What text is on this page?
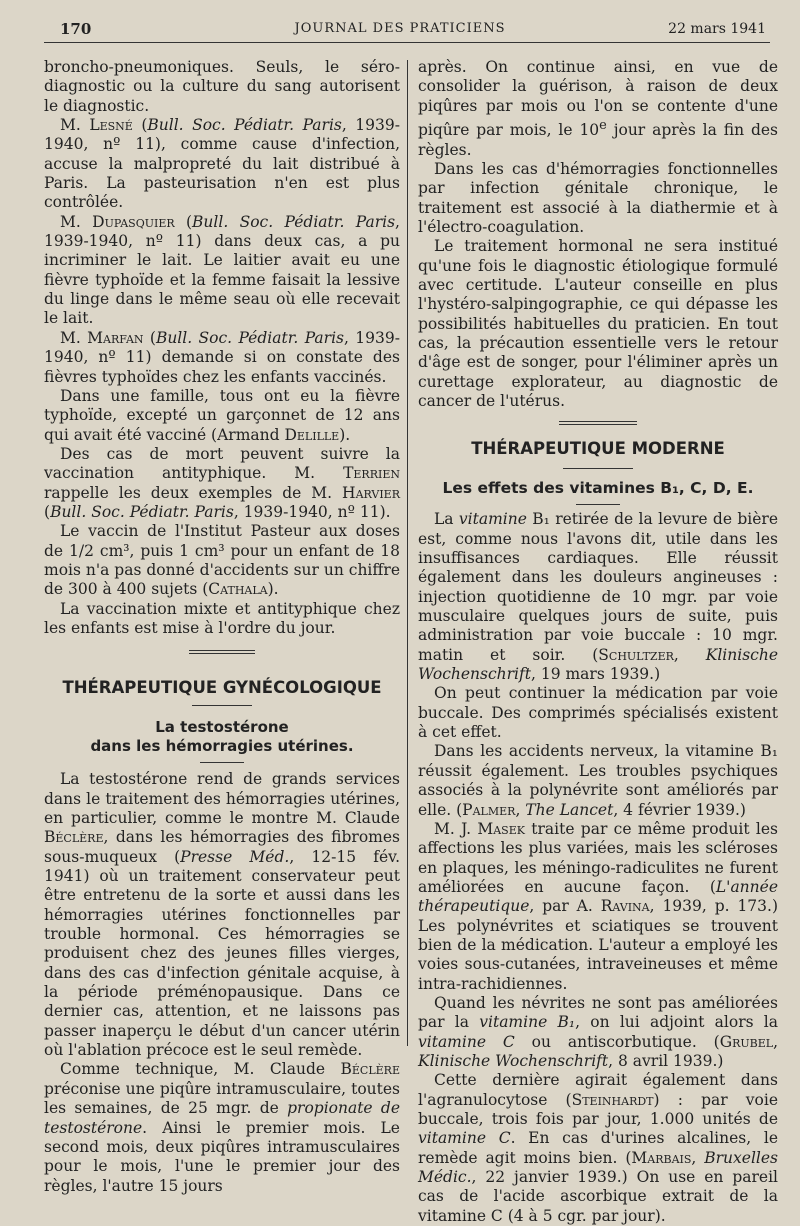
170	JOURNAL DES PRATICIENS	22 mars 1941

broncho-pneumoniques. Seuls, le séro-diagnostic ou la culture du sang autorisent le diagnostic.

M. Lesné (Bull. Soc. Pédiatr. Paris, 1939-1940, nº 11), comme cause d'infection, accuse la malpropreté du lait distribué à Paris. La pasteurisation n'en est plus contrôlée.

M. Dupasquier (Bull. Soc. Pédiatr. Paris, 1939-1940, nº 11) dans deux cas, a pu incriminer le lait. Le laitier avait eu une fièvre typhoïde et la femme faisait la lessive du linge dans le même seau où elle recevait le lait.

M. Marfan (Bull. Soc. Pédiatr. Paris, 1939-1940, nº 11) demande si on constate des fièvres typhoïdes chez les enfants vaccinés.

Dans une famille, tous ont eu la fièvre typhoïde, excepté un garçonnet de 12 ans qui avait été vacciné (Armand Delille).

Des cas de mort peuvent suivre la vaccination antityphique. M. Terrien rappelle les deux exemples de M. Harvier (Bull. Soc. Pédiatr. Paris, 1939-1940, nº 11).

Le vaccin de l'Institut Pasteur aux doses de 1/2 cm³, puis 1 cm³ pour un enfant de 18 mois n'a pas donné d'accidents sur un chiffre de 300 à 400 sujets (Cathala).

La vaccination mixte et antityphique chez les enfants est mise à l'ordre du jour.

THÉRAPEUTIQUE GYNÉCOLOGIQUE
La testostérone
dans les hémorragies utérines.

La testostérone rend de grands services dans le traitement des hémorragies utérines, en particulier, comme le montre M. Claude Béclère, dans les hémorragies des fibromes sous-muqueux (Presse Méd., 12-15 fév. 1941) où un traitement conservateur peut être entretenu de la sorte et aussi dans les hémorragies utérines fonctionnelles par trouble hormonal. Ces hémorragies se produisent chez des jeunes filles vierges, dans des cas d'infection génitale acquise, à la période préménopausique. Dans ce dernier cas, attention, et ne laissons pas passer inaperçu le début d'un cancer utérin où l'ablation précoce est le seul remède.

Comme technique, M. Claude Béclère préconise une piqûre intramusculaire, toutes les semaines, de 25 mgr. de propionate de testostérone. Ainsi le premier mois. Le second mois, deux piqûres intramusculaires pour le mois, l'une le premier jour des règles, l'autre 15 jours

après. On continue ainsi, en vue de consolider la guérison, à raison de deux piqûres par mois ou l'on se contente d'une piqûre par mois, le 10e jour après la fin des règles.

Dans les cas d'hémorragies fonctionnelles par infection génitale chronique, le traitement est associé à la diathermie et à l'électro-coagulation.

Le traitement hormonal ne sera institué qu'une fois le diagnostic étiologique formulé avec certitude. L'auteur conseille en plus l'hystéro-salpingographie, ce qui dépasse les possibilités habituelles du praticien. En tout cas, la précaution essentielle vers le retour d'âge est de songer, pour l'éliminer après un curettage explorateur, au diagnostic de cancer de l'utérus.

THÉRAPEUTIQUE MODERNE
Les effets des vitamines B₁, C, D, E.

La vitamine B₁ retirée de la levure de bière est, comme nous l'avons dit, utile dans les insuffisances cardiaques. Elle réussit également dans les douleurs angineuses : injection quotidienne de 10 mgr. par voie musculaire quelques jours de suite, puis administration par voie buccale : 10 mgr. matin et soir. (Schultzer, Klinische Wochenschrift, 19 mars 1939.)

On peut continuer la médication par voie buccale. Des comprimés spécialisés existent à cet effet.

Dans les accidents nerveux, la vitamine B₁ réussit également. Les troubles psychiques associés à la polynévrite sont améliorés par elle. (Palmer, The Lancet, 4 février 1939.)

M. J. Masek traite par ce même produit les affections les plus variées, mais les scléroses en plaques, les méningo-radiculites ne furent améliorées en aucune façon. (L'année thérapeutique, par A. Ravina, 1939, p. 173.) Les polynévrites et sciatiques se trouvent bien de la médication. L'auteur a employé les voies sous-cutanées, intraveineuses et même intra-rachidiennes.

Quand les névrites ne sont pas améliorées par la vitamine B₁, on lui adjoint alors la vitamine C ou antiscorbutique. (Grubel, Klinische Wochenschrift, 8 avril 1939.)

Cette dernière agirait également dans l'agranulocytose (Steinhardt) : par voie buccale, trois fois par jour, 1.000 unités de vitamine C. En cas d'urines alcalines, le remède agit moins bien. (Marbais, Bruxelles Médic., 22 janvier 1939.) On use en pareil cas de l'acide ascorbique extrait de la vitamine C (4 à 5 cgr. par jour).
